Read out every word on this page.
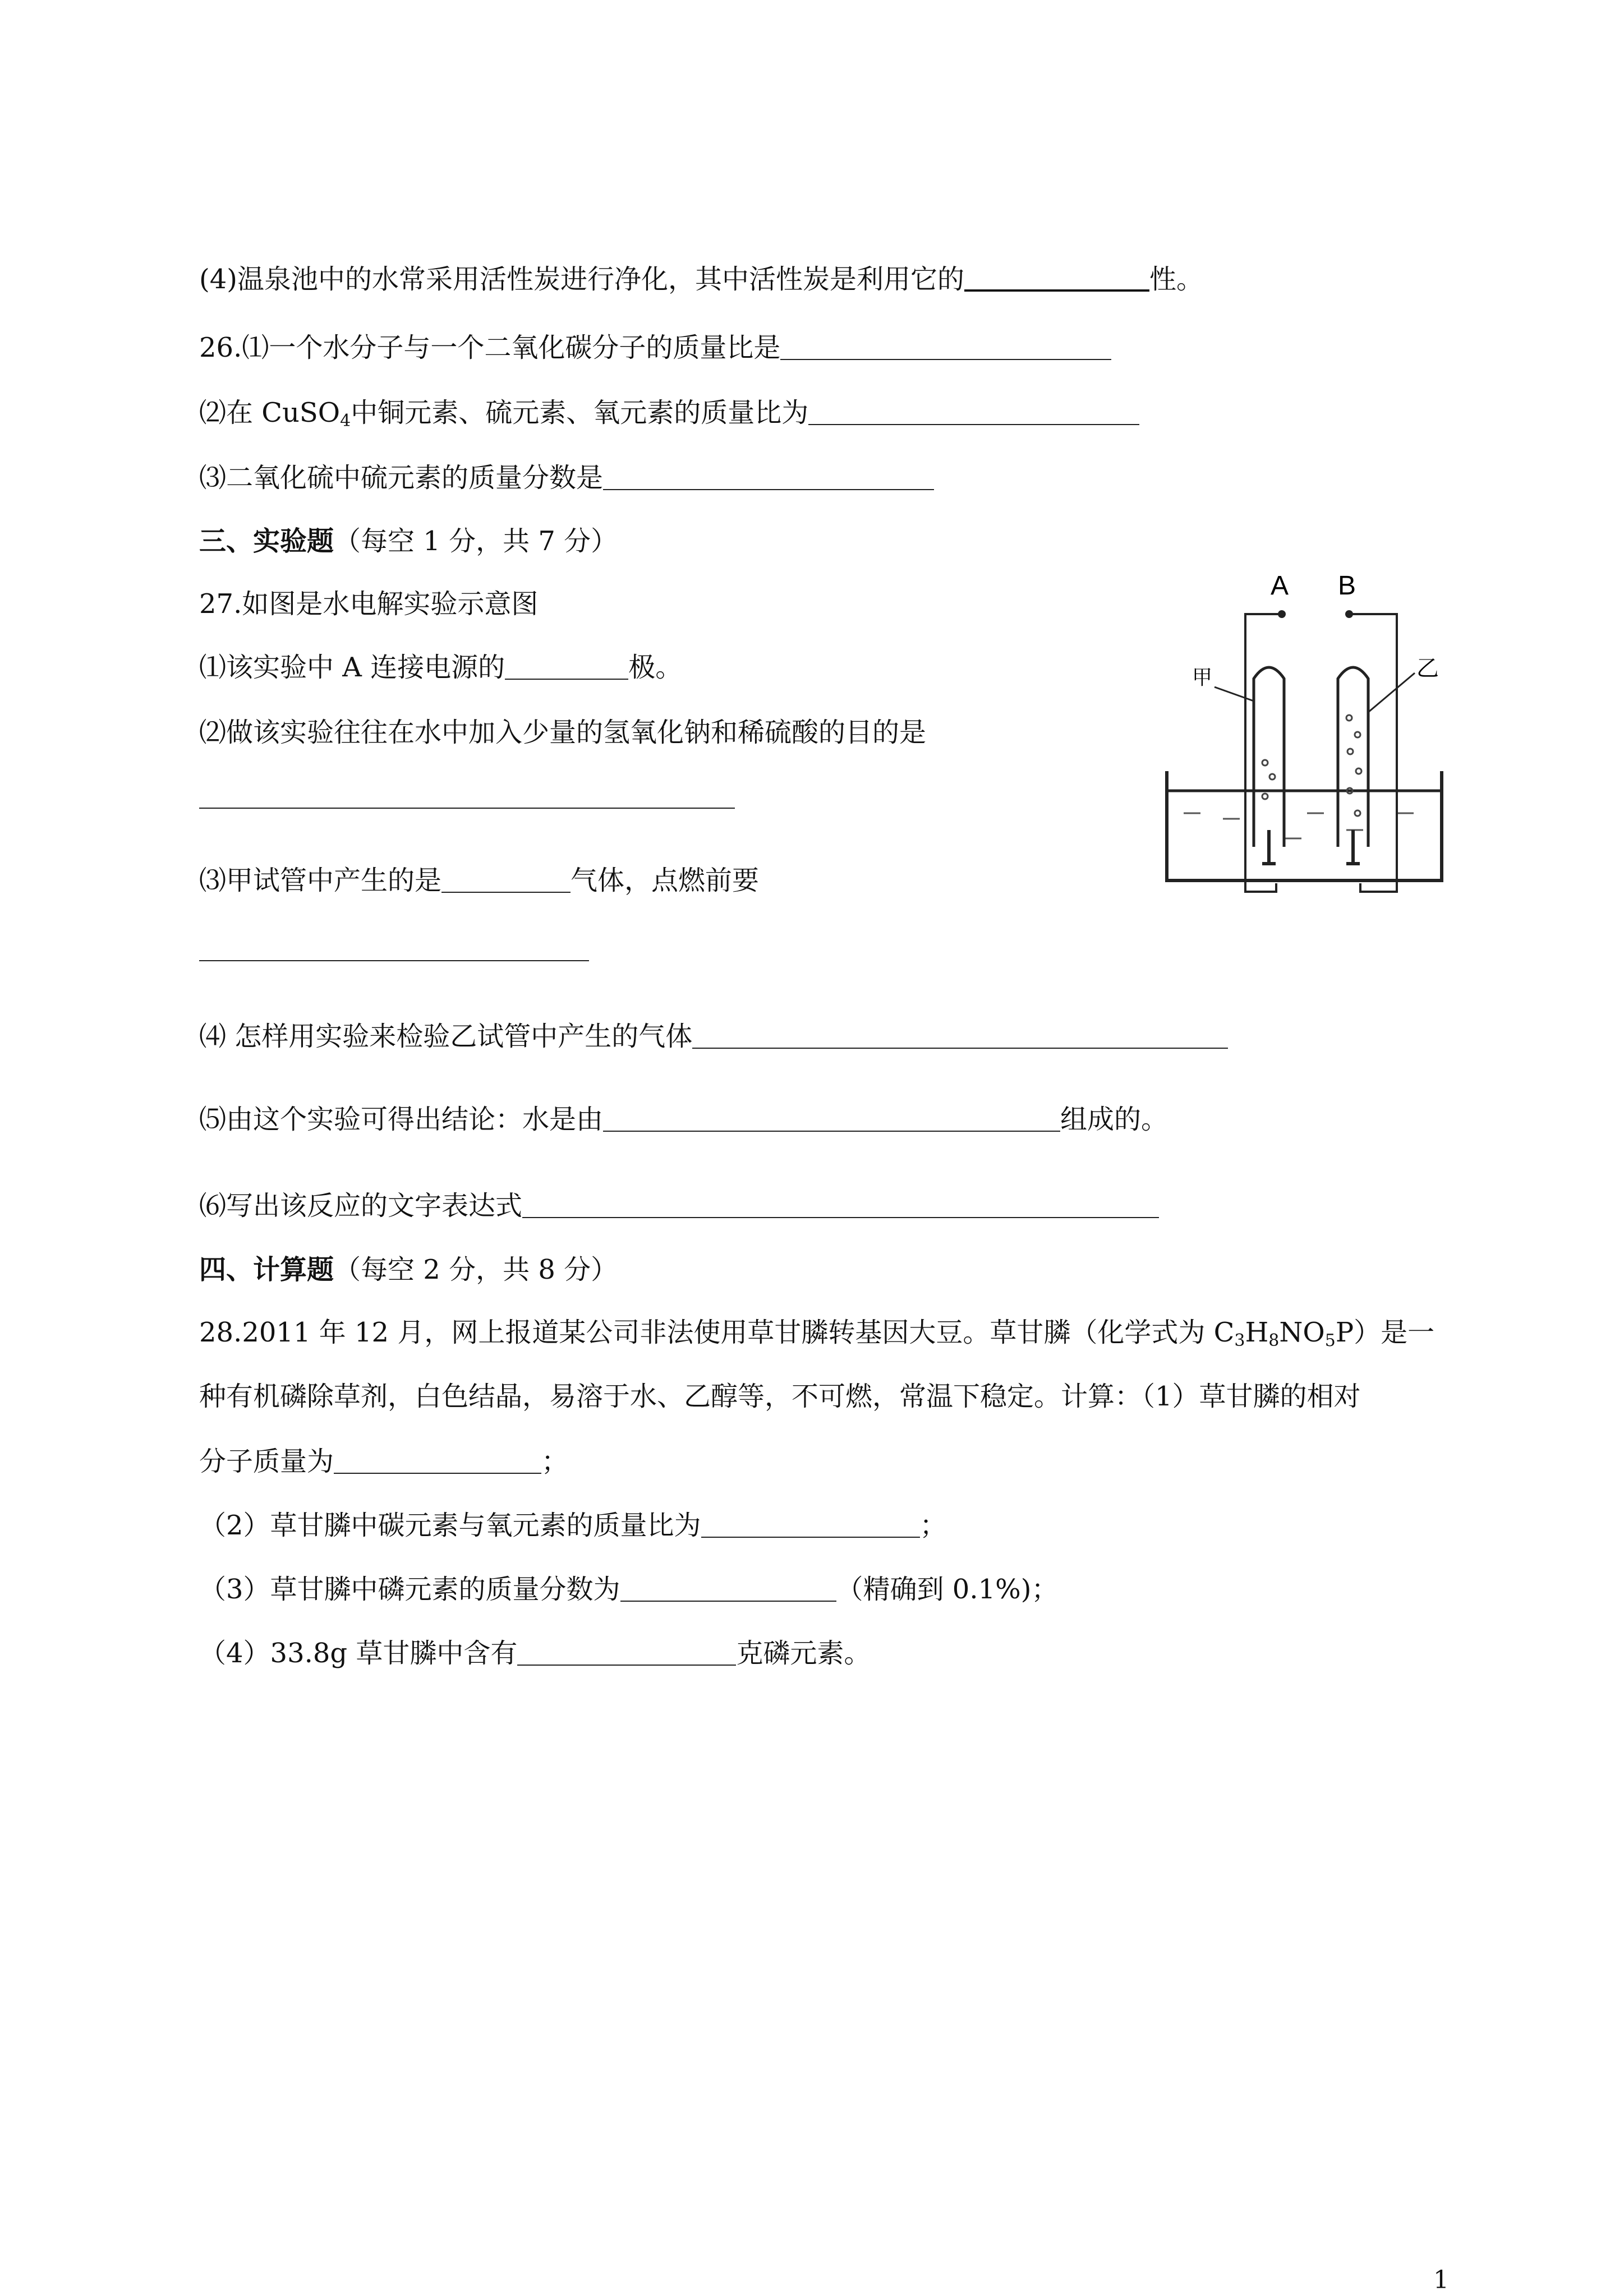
(4)温泉池中的水常采用活性炭进行净化，其中活性炭是利用它的	性。
26.⑴一个水分子与一个二氧化碳分子的质量比是
⑵在 CuSO$_4$中铜元素、硫元素、氧元素的质量比为
⑶二氧化硫中硫元素的质量分数是
三、实验题（每空 1 分，共 7 分）
27.如图是水电解实验示意图
⑴该实验中 A 连接电源的	极。
⑵做该实验往往在水中加入少量的氢氧化钠和稀硫酸的目的是
⑶甲试管中产生的是	气体，点燃前要
⑷ 怎样用实验来检验乙试管中产生的气体
⑸由这个实验可得出结论：水是由	组成的。
⑹写出该反应的文字表达式
四、计算题（每空 2 分，共 8 分）
28.2011 年 12 月，网上报道某公司非法使用草甘膦转基因大豆。草甘膦（化学式为 $C_3H_8NO_5P$）是一
种有机磷除草剂，白色结晶，易溶于水、乙醇等，不可燃，常温下稳定。计算：（1）草甘膦的相对
分子质量为	；
（2）草甘膦中碳元素与氧元素的质量比为	；
（3）草甘膦中磷元素的质量分数为	（精确到 0.1%)；
（4）33.8g 草甘膦中含有	克磷元素。
A B
甲	乙
1
